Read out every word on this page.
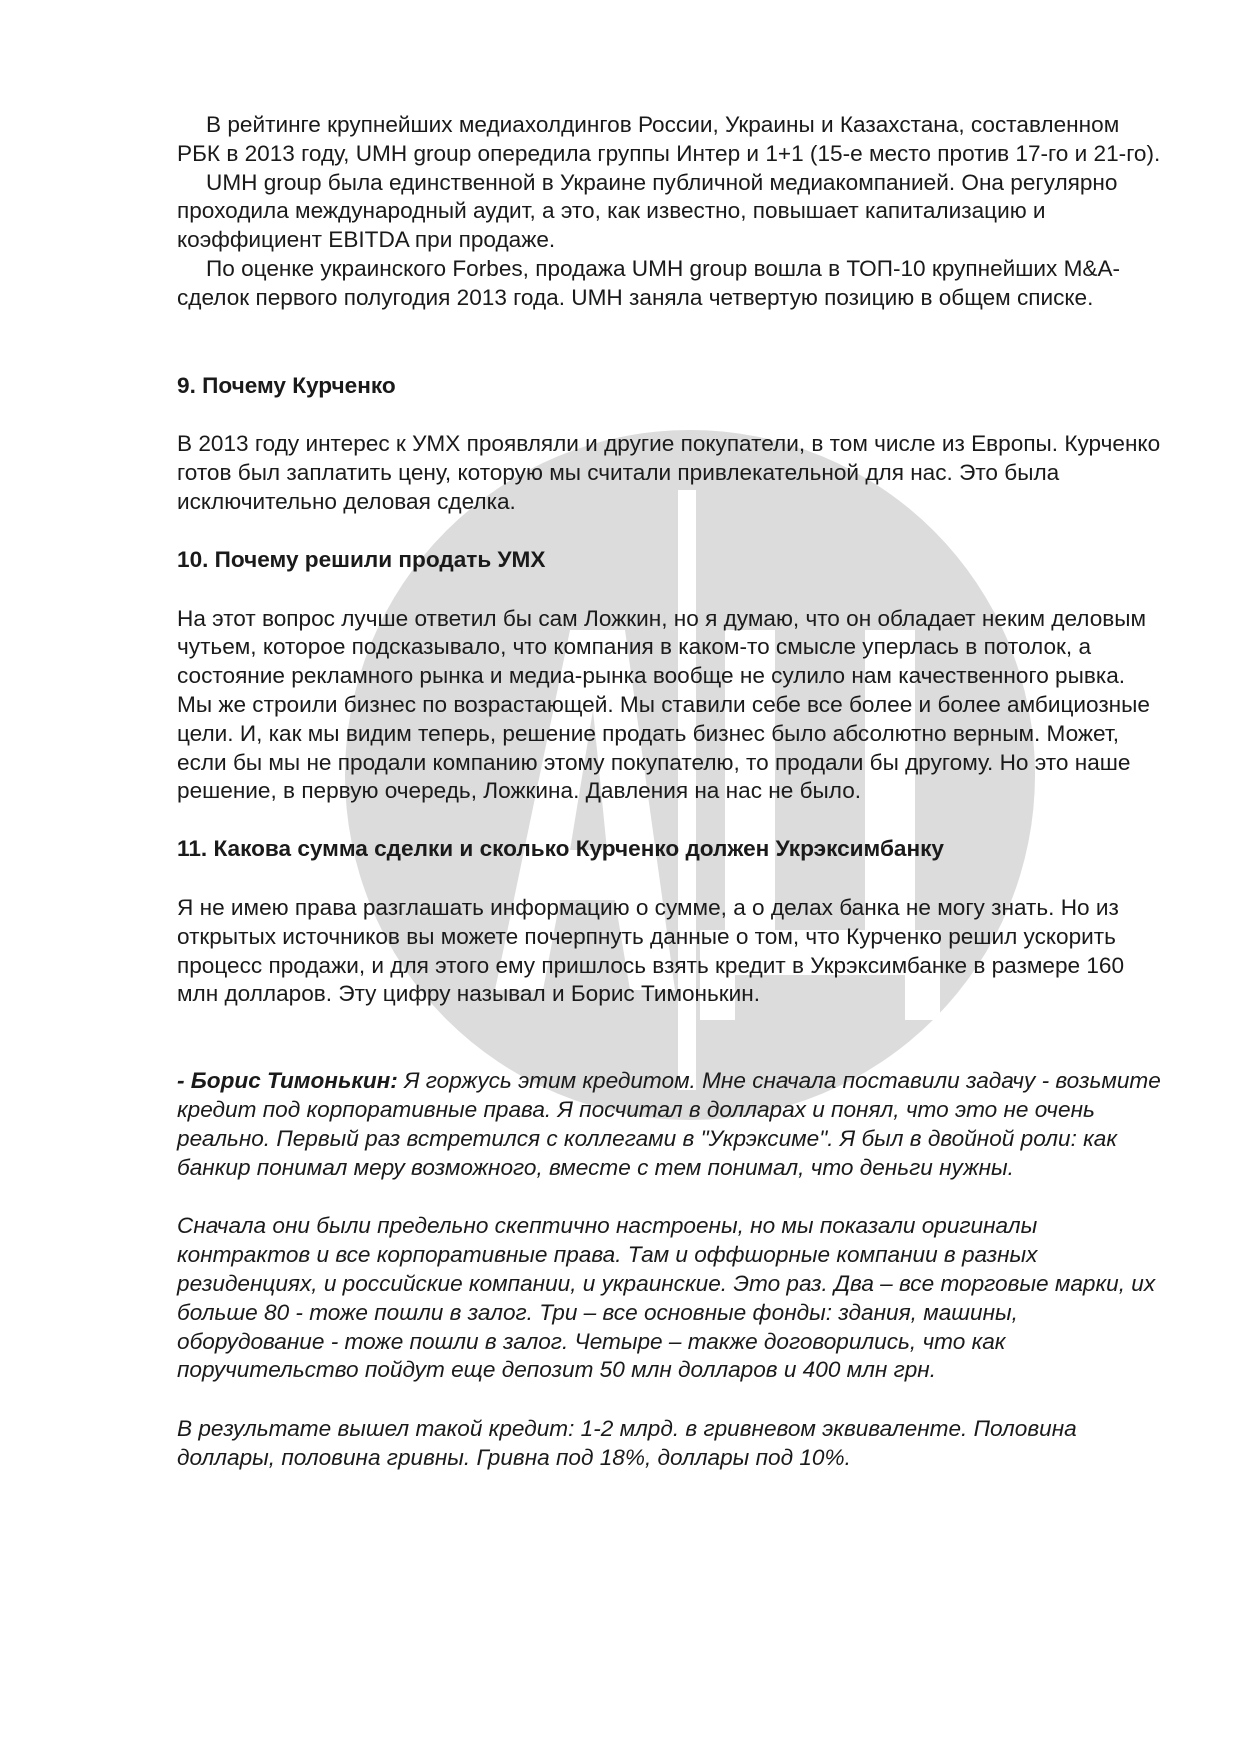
В рейтинге крупнейших медиахолдингов России, Украины и Казахстана, составленном РБК в 2013 году, UMH group опередила группы Интер и 1+1 (15-е место против 17-го и 21-го).

UMH group была единственной в Украине публичной медиакомпанией. Она регулярно проходила международный аудит, а это, как известно, повышает капитализацию и коэффициент EBITDA при продаже.

По оценке украинского Forbes, продажа UMH group вошла в ТОП-10 крупнейших M&A-сделок первого полугодия 2013 года. UMH заняла четвертую позицию в общем списке.

9. Почему Курченко

В 2013 году интерес к УМХ проявляли и другие покупатели, в том числе из Европы. Курченко готов был заплатить цену, которую мы считали привлекательной для нас. Это была исключительно деловая сделка.

10. Почему решили продать УМХ

На этот вопрос лучше ответил бы сам Ложкин, но я думаю, что он обладает неким деловым чутьем, которое подсказывало, что компания в каком-то смысле уперлась в потолок, а состояние рекламного рынка и медиа-рынка вообще не сулило нам качественного рывка. Мы же строили бизнес по возрастающей. Мы ставили себе все более и более амбициозные цели. И, как мы видим теперь, решение продать бизнес было абсолютно верным. Может, если бы мы не продали компанию этому покупателю, то продали бы другому. Но это наше решение, в первую очередь, Ложкина. Давления на нас не было.

11. Какова сумма сделки и сколько Курченко должен Укрэксимбанку

Я не имею права разглашать информацию о сумме, а о делах банка не могу знать. Но из открытых источников вы можете почерпнуть данные о том, что Курченко решил ускорить процесс продажи, и для этого ему пришлось взять кредит в Укрэксимбанке в размере 160 млн долларов. Эту цифру называл и Борис Тимонькин.

- Борис Тимонькин: Я горжусь этим кредитом. Мне сначала поставили задачу - возьмите кредит под корпоративные права. Я посчитал в долларах и понял, что это не очень реально. Первый раз встретился с коллегами в "Укрэксиме". Я был в двойной роли: как банкир понимал меру возможного, вместе с тем понимал, что деньги нужны.

Сначала они были предельно скептично настроены, но мы показали оригиналы контрактов и все корпоративные права. Там и оффшорные компании в разных резиденциях, и российские компании, и украинские. Это раз. Два – все торговые марки, их больше 80 - тоже пошли в залог. Три – все основные фонды: здания, машины, оборудование - тоже пошли в залог. Четыре – также договорились, что как поручительство пойдут еще депозит 50 млн долларов и 400 млн грн.

В результате вышел такой кредит: 1-2 млрд. в гривневом эквиваленте. Половина доллары, половина гривны. Гривна под 18%, доллары под 10%.
